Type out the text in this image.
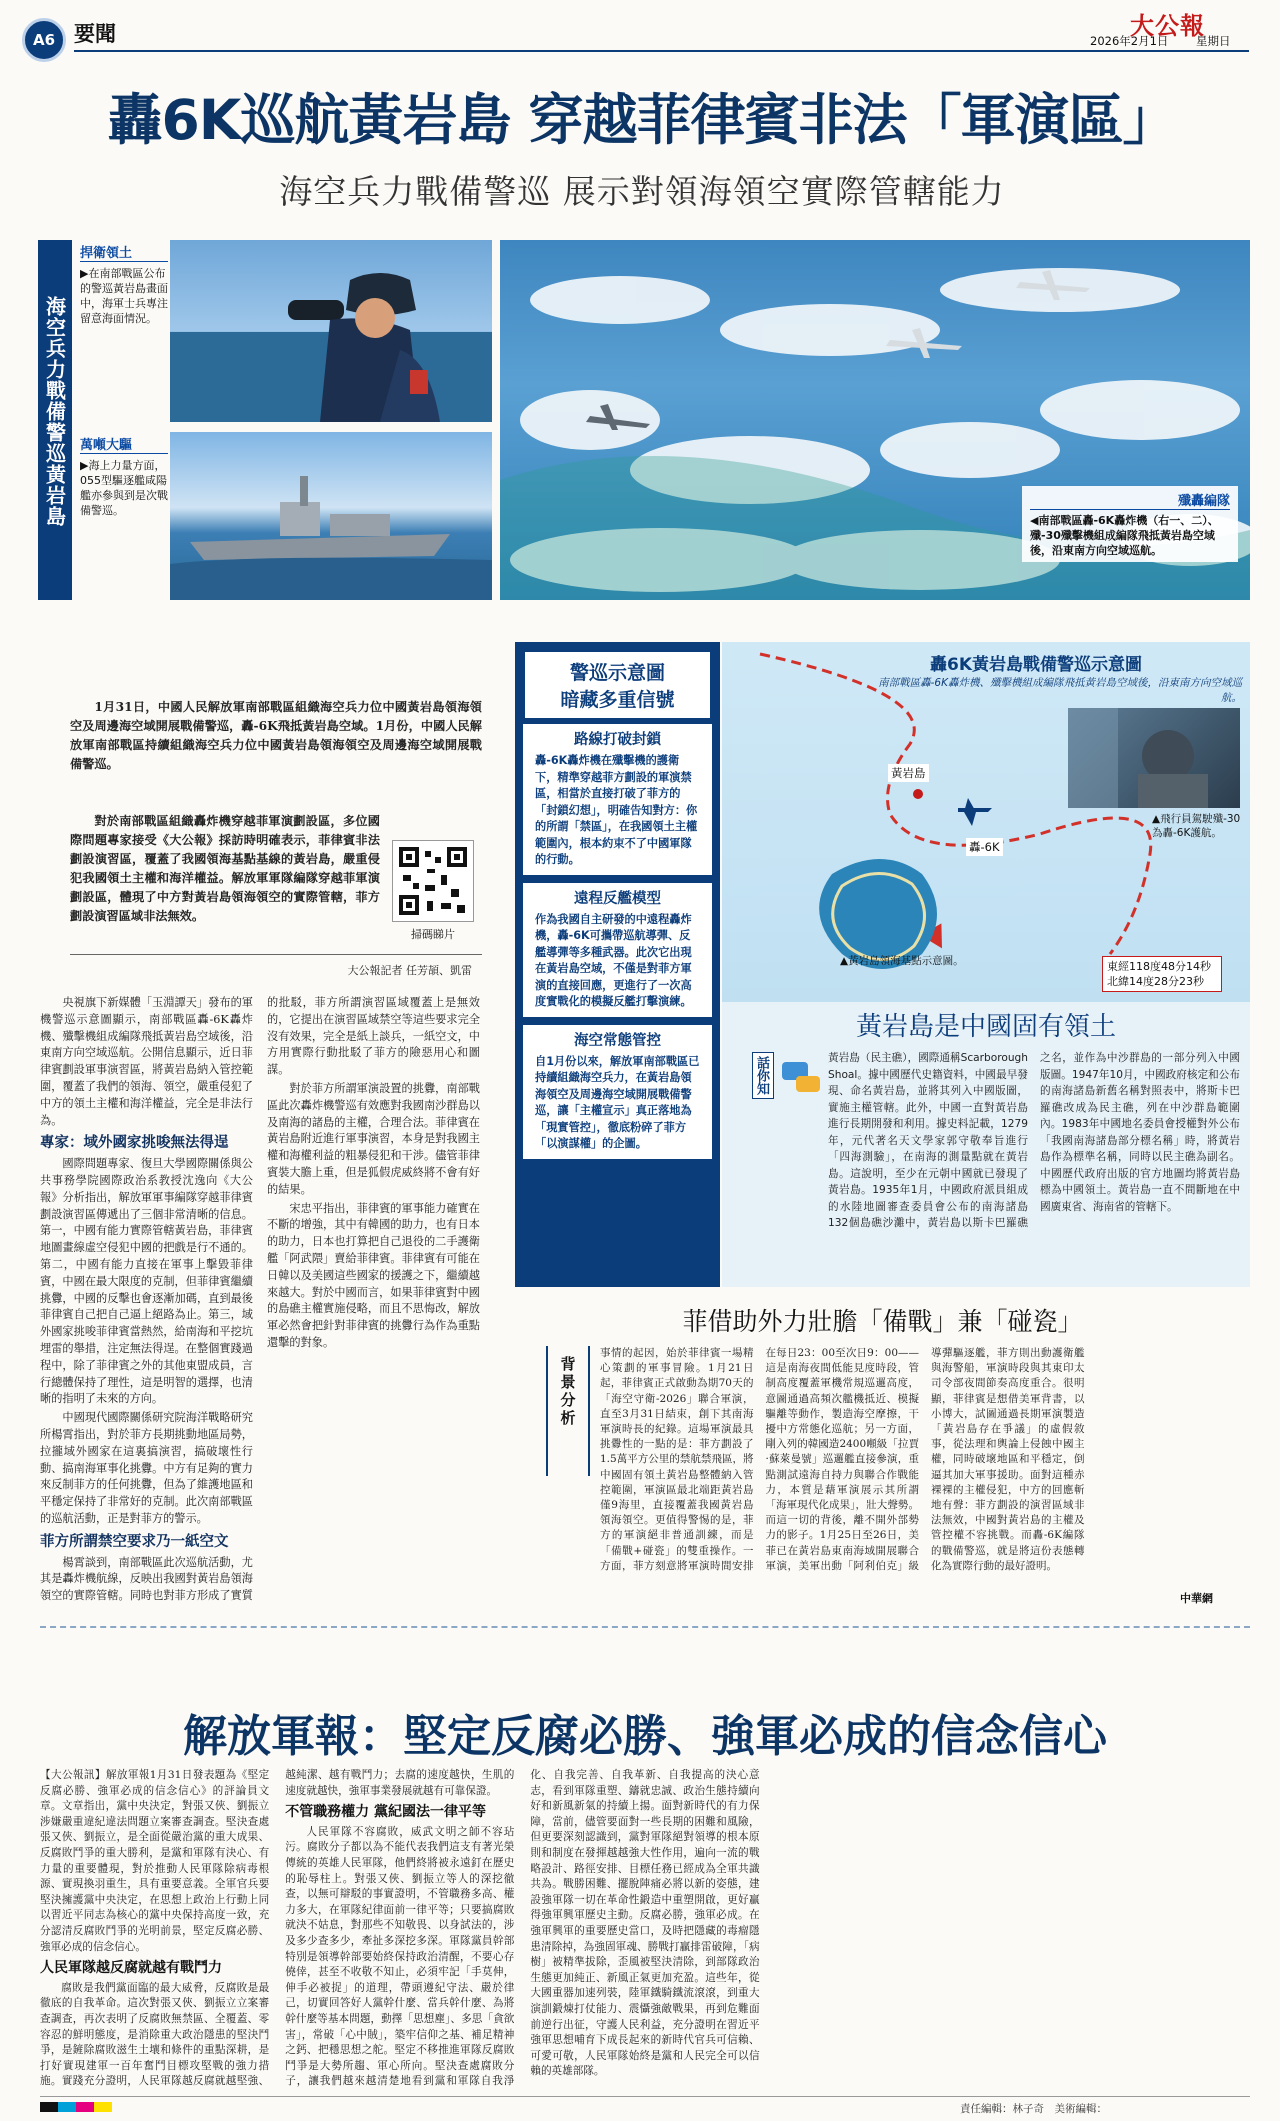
A6 要聞	大公報
2026年2月1日 星期日
轟6K巡航黃岩島 穿越菲律賓非法「軍演區」
海空兵力戰備警巡 展示對領海領空實際管轄能力
海空兵力戰備警巡黃岩島
捍衛領土
▶在南部戰區公布的警巡黃岩島畫面中，海軍士兵專注留意海面情況。
萬噸大驅
▶海上力量方面，055型驅逐艦咸陽艦亦參與到是次戰備警巡。
殲轟編隊
◀南部戰區轟-6K轟炸機（右一、二）、殲-30殲擊機組成編隊飛抵黃岩島空域後，沿東南方向空域巡航。

1月31日，中國人民解放軍南部戰區組織海空兵力位中國黃岩島領海領空及周邊海空域開展戰備警巡，轟-6K飛抵黃岩島空域。1月份，中國人民解放軍南部戰區持續組織海空兵力位中國黃岩島領海領空及周邊海空域開展戰備警巡。

對於南部戰區組織轟炸機穿越菲軍演劃設區，多位國際問題專家接受《大公報》採訪時明確表示，菲律賓非法劃設演習區，覆蓋了我國領海基點基線的黃岩島，嚴重侵犯我國領土主權和海洋權益。解放軍軍隊編隊穿越菲軍演劃設區，體現了中方對黃岩島領海領空的實際管轄，菲方劃設演習區域非法無效。

掃碼睇片
大公報記者 任芳頡、凱雷

央視旗下新媒體「玉淵譚天」發布的軍機警巡示意圖顯示，南部戰區轟-6K轟炸機、殲擊機組成編隊飛抵黃岩島空域後，沿東南方向空域巡航。公開信息顯示，近日菲律賓劃設軍事演習區，將黃岩島納入管控範圍，覆蓋了我們的領海、領空，嚴重侵犯了中方的領土主權和海洋權益，完全是非法行為。

專家：域外國家挑唆無法得逞

國際問題專家、復旦大學國際關係與公共事務學院國際政治系教授沈逸向《大公報》分析指出，解放軍軍事編隊穿越菲律賓劃設演習區傳遞出了三個非常清晰的信息。第一，中國有能力實際管轄黃岩島，菲律賓地圖畫線虛空侵犯中國的把戲是行不通的。第二，中國有能力直接在軍事上擊毀菲律賓，中國在最大限度的克制，但菲律賓繼續挑釁，中國的反擊也會逐漸加碼，直到最後菲律賓自己把自己逼上絕路為止。第三，域外國家挑唆菲律賓當熱然，給南海和平挖坑埋雷的舉措，注定無法得逞。在整個實踐過程中，除了菲律賓之外的其他東盟成員，言行總體保持了理性，這是明智的選擇，也清晰的指明了未來的方向。

中國現代國際關係研究院海洋戰略研究所楊霄指出，對於菲方長期挑動地區局勢，拉攏域外國家在這裏搞演習，搞破壞性行動、搞南海軍事化挑釁。中方有足夠的實力來反制菲方的任何挑釁，但為了維護地區和平穩定保持了非常好的克制。此次南部戰區的巡航活動，正是對菲方的警示。

菲方所謂禁空要求乃一紙空文

楊霄談到，南部戰區此次巡航活動，尤其是轟炸機航線，反映出我國對黃岩島領海領空的實際管轄。同時也對菲方形成了實質的批駁，菲方所謂演習區域覆蓋上是無效的，它提出在演習區域禁空等這些要求完全沒有效果，完全是紙上談兵，一紙空文，中方用實際行動批駁了菲方的險惡用心和圖謀。

對於菲方所謂軍演設置的挑釁，南部戰區此次轟炸機警巡有效應對我國南沙群島以及南海的諸島的主權，合理合法。菲律賓在黃岩島附近進行軍事演習，本身是對我國主權和海權利益的粗暴侵犯和干涉。儘管菲律賓裝大膽上重，但是狐假虎威終將不會有好的結果。

宋忠平指出，菲律賓的軍事能力確實在不斷的增強，其中有韓國的助力，也有日本的助力，日本也打算把自己退役的二手護衛艦「阿武隈」賣給菲律賓。菲律賓有可能在日韓以及美國這些國家的援護之下，繼續越來越大。對於中國而言，如果菲律賓對中國的島礁主權實施侵略，而且不思悔改，解放軍必然會把針對菲律賓的挑釁行為作為重點還擊的對象。

警巡示意圖
暗藏多重信號
路線打破封鎖
轟-6K轟炸機在殲擊機的護衛下，精準穿越菲方劃設的軍演禁區，相當於直接打破了菲方的「封鎖幻想」，明確告知對方：你的所謂「禁區」，在我國領土主權範圍內，根本約束不了中國軍隊的行動。
遠程反艦模型
作為我國自主研發的中遠程轟炸機，轟-6K可攜帶巡航導彈、反艦導彈等多種武器。此次它出現在黃岩島空域，不僅是對菲方軍演的直接回應，更進行了一次高度實戰化的模擬反艦打擊演練。
海空常態管控
自1月份以來，解放軍南部戰區已持續組織海空兵力，在黃岩島領海領空及周邊海空域開展戰備警巡，讓「主權宣示」真正落地為「現實管控」，徹底粉碎了菲方「以演謀權」的企圖。
轟6K黃岩島戰備警巡示意圖
南部戰區轟-6K轟炸機、殲擊機組成編隊飛抵黃岩島空域後，沿東南方向空域巡航。
黃岩島
轟-6K
▲黃岩島領海基點示意圖。
▲飛行員駕駛殲-30為轟-6K護航。
東經118度48分14秒
北緯14度28分23秒
黃岩島是中國固有領土
話你知	黃岩島（民主礁），國際通稱Scarborough Shoal。據中國歷代史籍資料，中國最早發現、命名黃岩島，並將其列入中國版圖，實施主權管轄。此外，中國一直對黃岩島進行長期開發和利用。據史料記載，1279年，元代著名天文學家郭守敬奉旨進行「四海測驗」，在南海的測量點就在黃岩島。這說明，至少在元朝中國就已發現了黃岩島。1935年1月，中國政府派員組成的水陸地圖審查委員會公布的南海諸島132個島礁沙灘中，黃岩島以斯卡巴羅礁之名，並作為中沙群島的一部分列入中國版圖。1947年10月，中國政府核定和公布的南海諸島新舊名稱對照表中，將斯卡巴羅礁改成為民主礁，列在中沙群島範圍內。1983年中國地名委員會授權對外公布「我國南海諸島部分標名稱」時，將黃岩島作為標準名稱，同時以民主礁為副名。中國歷代政府出版的官方地圖均將黃岩島標為中國領土。黃岩島一直不間斷地在中國廣東省、海南省的管轄下。
菲借助外力壯膽「備戰」兼「碰瓷」
背景分析
事情的起因，始於菲律賓一場精心策劃的軍事冒險。1月21日起，菲律賓正式啟動為期70天的「海空守衛-2026」聯合軍演，直至3月31日結束，創下其南海軍演時長的紀錄。這場軍演最具挑釁性的一點的是：菲方劃設了1.5萬平方公里的禁航禁飛區，將中國固有領土黃岩島整體納入管控範圍，軍演區最北端距黃岩島僅9海里，直接覆蓋我國黃岩島領海領空。更值得警惕的是，菲方的軍演絕非普通訓練，而是「備戰+碰瓷」的雙重操作。一方面，菲方刻意將軍演時間安排在每日23：00至次日9：00——這是南海夜間低能見度時段，管制高度覆蓋軍機常規巡邏高度，意圖通過高頻次艦機抵近、模擬驅離等動作，製造海空摩擦，干擾中方常態化巡航；另一方面，剛入列的韓國造2400噸級「拉賈·蘇萊曼號」巡邏艦直接參演，重點測試遠海自持力與聯合作戰能力，本質是藉軍演展示其所謂「海軍現代化成果」，壯大聲勢。而這一切的背後，離不開外部勢力的影子。1月25日至26日，美菲已在黃岩島東南海域開展聯合軍演，美軍出動「阿利伯克」級導彈驅逐艦，菲方則出動護衛艦與海警船，軍演時段與其東印太司令部夜間節奏高度重合。很明顯，菲律賓是想借美軍背書，以小博大，試圖通過長期軍演製造「黃岩島存在爭議」的虛假敘事，從法理和輿論上侵蝕中國主權，同時破壞地區和平穩定，倒逼其加大軍事援助。面對這種赤裸裸的主權侵犯，中方的回應斬地有聲：菲方劃設的演習區域非法無效，中國對黃岩島的主權及管控權不容挑戰。而轟-6K編隊的戰備警巡，就是將這份表態轉化為實際行動的最好證明。
中華網
解放軍報：堅定反腐必勝、強軍必成的信念信心

【大公報訊】解放軍報1月31日發表題為《堅定反腐必勝、強軍必成的信念信心》的評論員文章。文章指出，黨中央決定，對張又俠、劉振立涉嫌嚴重違紀違法問題立案審查調查。堅決查處張又俠、劉振立，是全面從嚴治黨的重大成果、反腐敗鬥爭的重大勝利，是黨和軍隊有決心、有力量的重要體現，對於推動人民軍隊除病毒根源、實現換羽重生，具有重要意義。全軍官兵要堅決擁護黨中央決定，在思想上政治上行動上同以習近平同志為核心的黨中央保持高度一致，充分認清反腐敗鬥爭的光明前景，堅定反腐必勝、強軍必成的信念信心。

人民軍隊越反腐就越有戰鬥力

腐敗是我們黨面臨的最大威脅，反腐敗是最徹底的自我革命。這次對張又俠、劉振立立案審查調查，再次表明了反腐敗無禁區、全覆蓋、零容忍的鮮明態度，是消除重大政治隱患的堅決鬥爭，是鏟除腐敗滋生土壤和條件的重點深耕，是打好實現建軍一百年奮鬥目標攻堅戰的強力措施。實踐充分證明，人民軍隊越反腐就越堅強、越純潔、越有戰鬥力；去腐的速度越快，生肌的速度就越快，強軍事業發展就越有可靠保證。

不管職務權力 黨紀國法一律平等

人民軍隊不容腐敗，威武文明之師不容玷污。腐敗分子都以為不能代表我們這支有著光榮傳統的英雄人民軍隊，他們終將被永遠釘在歷史的恥辱柱上。對張又俠、劉振立等人的深挖徹查，以無可辯駁的事實證明，不管職務多高、權力多大，在軍隊紀律面前一律平等；只要搞腐敗就決不姑息，對那些不知敬畏、以身試法的，涉及多少查多少，牽扯多深挖多深。軍隊黨員幹部特別是領導幹部要始終保持政治清醒，不要心存僥倖，甚至不收敬不知止，必須牢記「手莫伸，伸手必被捉」的道理，帶頭遵紀守法、嚴於律己，切實回答好人黨幹什麼、當兵幹什麼、為將幹什麼等基本問題，動擇「思想塵」、多思「貪欲害」，常破「心中賊」，築牢信仰之基、補足精神之鈣、把穩思想之舵。堅定不移推進軍隊反腐敗鬥爭是大勢所趨、軍心所向。堅決查處腐敗分子，讓我們越來越清楚地看到黨和軍隊自我淨化、自我完善、自我革新、自我提高的決心意志，看到軍隊重塑、鑄就忠誠、政治生態持續向好和新風新氣的持續上揚。面對新時代的有力保障，當前，儘管要面對一些長期的困難和風險，但更要深刻認識到，黨對軍隊絕對領導的根本原則和制度在發揮越越強大性作用，遍向一流的戰略設計、路徑安排、目標任務已經成為全軍共識共為。戰勝困難、擺脫陣痛必將以新的姿態，建設強軍隊一切在革命性鍛造中重塑開啟，更好贏得強軍興軍歷史主動。反腐必勝，強軍必成。在強軍興軍的重要歷史當口，及時把隱藏的毒瘤隱患清除掉，為強固軍魂、勝戰打贏排雷破障，「病樹」被精準拔除，歪風被堅決清除，到部隊政治生態更加純正、新風正氣更加充盈。這些年，從大國重器加速列裝，陸軍鐵騎鐵流滾滾，到重大演訓鍛煉打仗能力、震懾強敵戰果，再到危難面前逆行出征，守護人民利益，充分證明在習近平強軍思想哺育下成長起來的新時代官兵可信賴、可愛可敬，人民軍隊始終是黨和人民完全可以信賴的英雄部隊。

責任編輯：林子奇　美術編輯：
